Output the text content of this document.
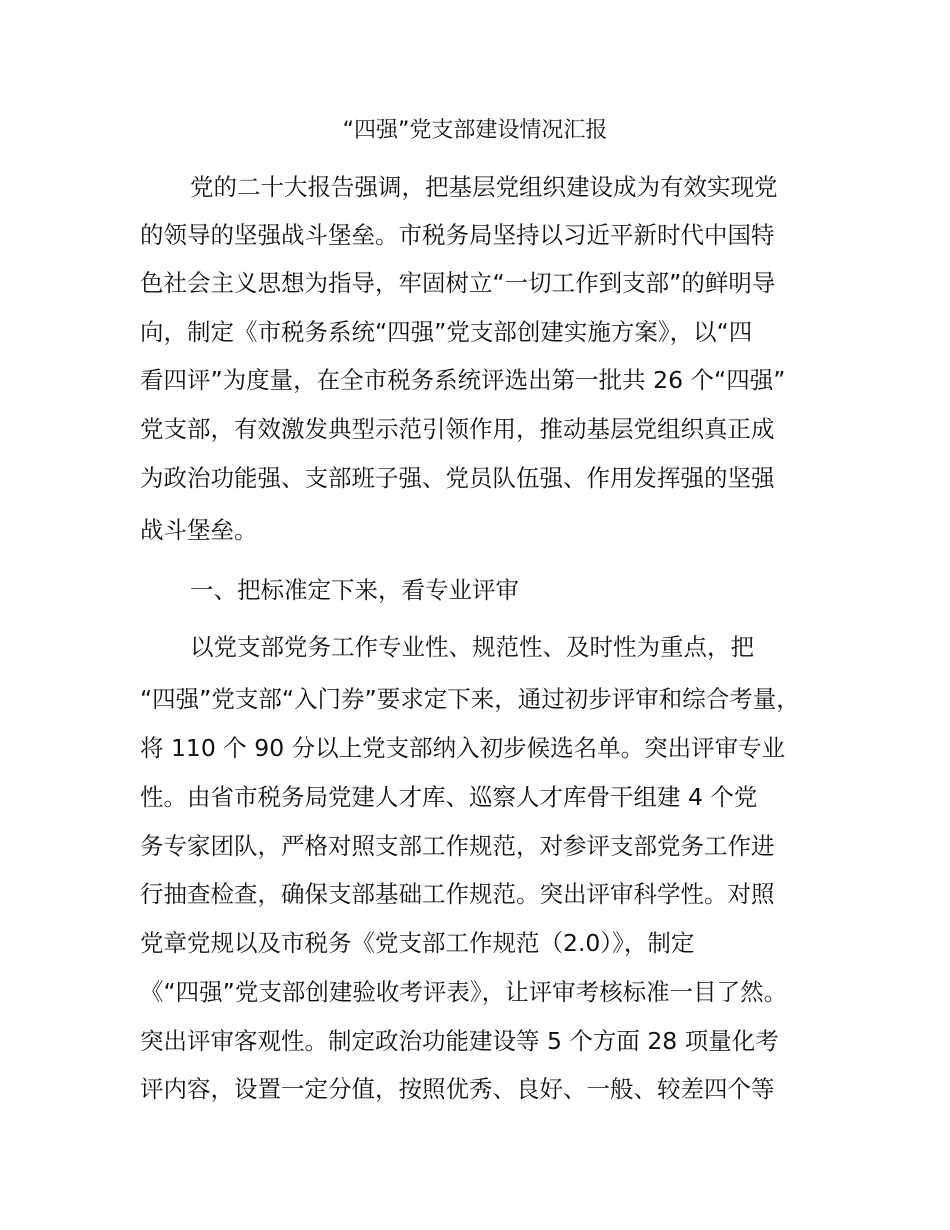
“四强”党支部建设情况汇报
党的二十大报告强调，把基层党组织建设成为有效实现党
的领导的坚强战斗堡垒。市税务局坚持以习近平新时代中国特
色社会主义思想为指导，牢固树立“一切工作到支部”的鲜明导
向，制定《市税务系统“四强”党支部创建实施方案》，以“四
看四评”为度量，在全市税务系统评选出第一批共 26 个“四强”
党支部，有效激发典型示范引领作用，推动基层党组织真正成
为政治功能强、支部班子强、党员队伍强、作用发挥强的坚强
战斗堡垒。
一、把标准定下来，看专业评审
以党支部党务工作专业性、规范性、及时性为重点，把
“四强”党支部“入门券”要求定下来，通过初步评审和综合考量，
将 110 个 90 分以上党支部纳入初步候选名单。突出评审专业
性。由省市税务局党建人才库、巡察人才库骨干组建 4 个党
务专家团队，严格对照支部工作规范，对参评支部党务工作进
行抽查检查，确保支部基础工作规范。突出评审科学性。对照
党章党规以及市税务《党支部工作规范（2.0）》，制定
《“四强”党支部创建验收考评表》，让评审考核标准一目了然。
突出评审客观性。制定政治功能建设等 5 个方面 28 项量化考
评内容，设置一定分值，按照优秀、良好、一般、较差四个等
